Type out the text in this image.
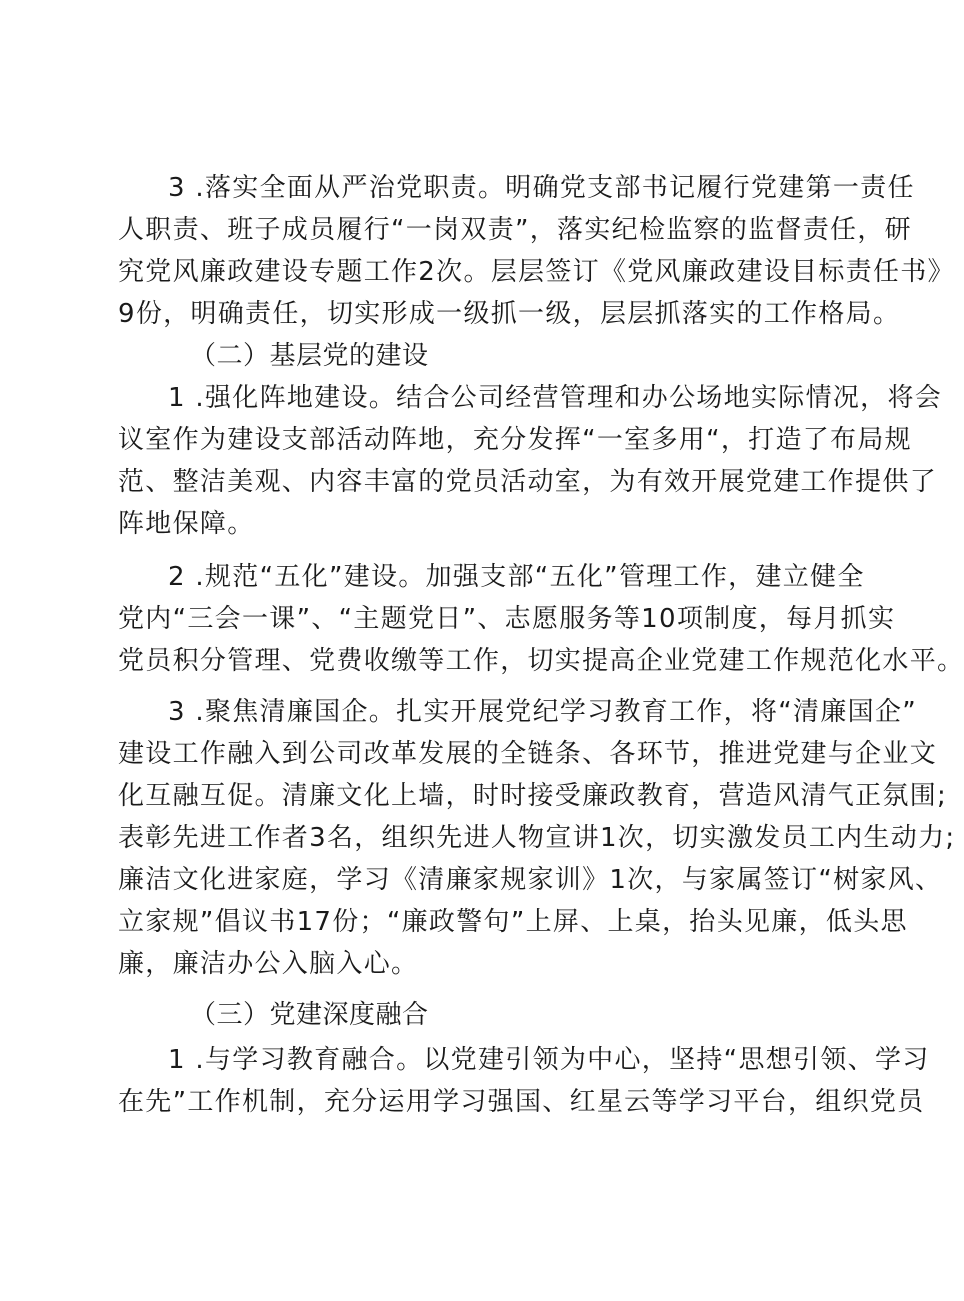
3 .落实全面从严治党职责。明确党支部书记履行党建第一责任
人职责、班子成员履行“一岗双责”，落实纪检监察的监督责任，研
究党风廉政建设专题工作2次。层层签订《党风廉政建设目标责任书》
9份，明确责任，切实形成一级抓一级，层层抓落实的工作格局。
（二）基层党的建设
1 .强化阵地建设。结合公司经营管理和办公场地实际情况，将会
议室作为建设支部活动阵地，充分发挥“一室多用“，打造了布局规
范、整洁美观、内容丰富的党员活动室，为有效开展党建工作提供了
阵地保障。
2 .规范“五化”建设。加强支部“五化”管理工作，建立健全
党内“三会一课”、“主题党日”、志愿服务等10项制度，每月抓实
党员积分管理、党费收缴等工作，切实提高企业党建工作规范化水平。
3 .聚焦清廉国企。扎实开展党纪学习教育工作，将“清廉国企”
建设工作融入到公司改革发展的全链条、各环节，推进党建与企业文
化互融互促。清廉文化上墙，时时接受廉政教育，营造风清气正氛围;
表彰先进工作者3名，组织先进人物宣讲1次，切实激发员工内生动力;
廉洁文化进家庭，学习《清廉家规家训》1次，与家属签订“树家风、
立家规”倡议书17份；“廉政警句”上屏、上桌，抬头见廉，低头思
廉，廉洁办公入脑入心。
（三）党建深度融合
1 .与学习教育融合。以党建引领为中心，坚持“思想引领、学习
在先”工作机制，充分运用学习强国、红星云等学习平台，组织党员
